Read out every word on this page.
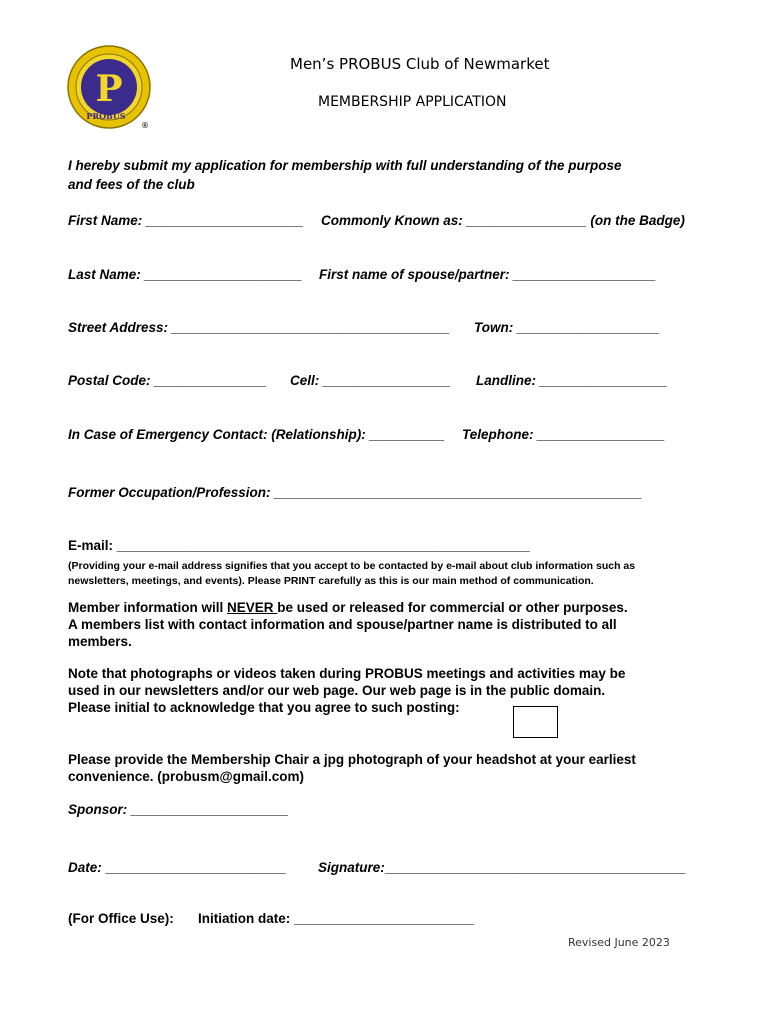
P
PROBUS
®
Men’s PROBUS Club of Newmarket
MEMBERSHIP APPLICATION
I hereby submit my application for membership with full understanding of the purpose
and fees of the club
First Name: _____________________ Commonly Known as: ________________ (on the Badge)
Last Name: _____________________ First name of spouse/partner: ___________________
Street Address: _____________________________________ Town: ___________________
Postal Code: _______________ Cell: _________________ Landline: _________________
In Case of Emergency Contact: (Relationship): __________ Telephone: _________________
Former Occupation/Profession: _________________________________________________
E-mail: _______________________________________________________
(Providing your e-mail address signifies that you accept to be contacted by e-mail about club information such as
newsletters, meetings, and events). Please PRINT carefully as this is our main method of communication.
Member information will NEVER be used or released for commercial or other purposes.
A members list with contact information and spouse/partner name is distributed to all
members.
Note that photographs or videos taken during PROBUS meetings and activities may be
used in our newsletters and/or our web page. Our web page is in the public domain.
Please initial to acknowledge that you agree to such posting:
Please provide the Membership Chair a jpg photograph of your headshot at your earliest
convenience. (probusm@gmail.com)
Sponsor: _____________________
Date: ________________________ Signature:________________________________________
(For Office Use): Initiation date: ________________________
Revised June 2023
